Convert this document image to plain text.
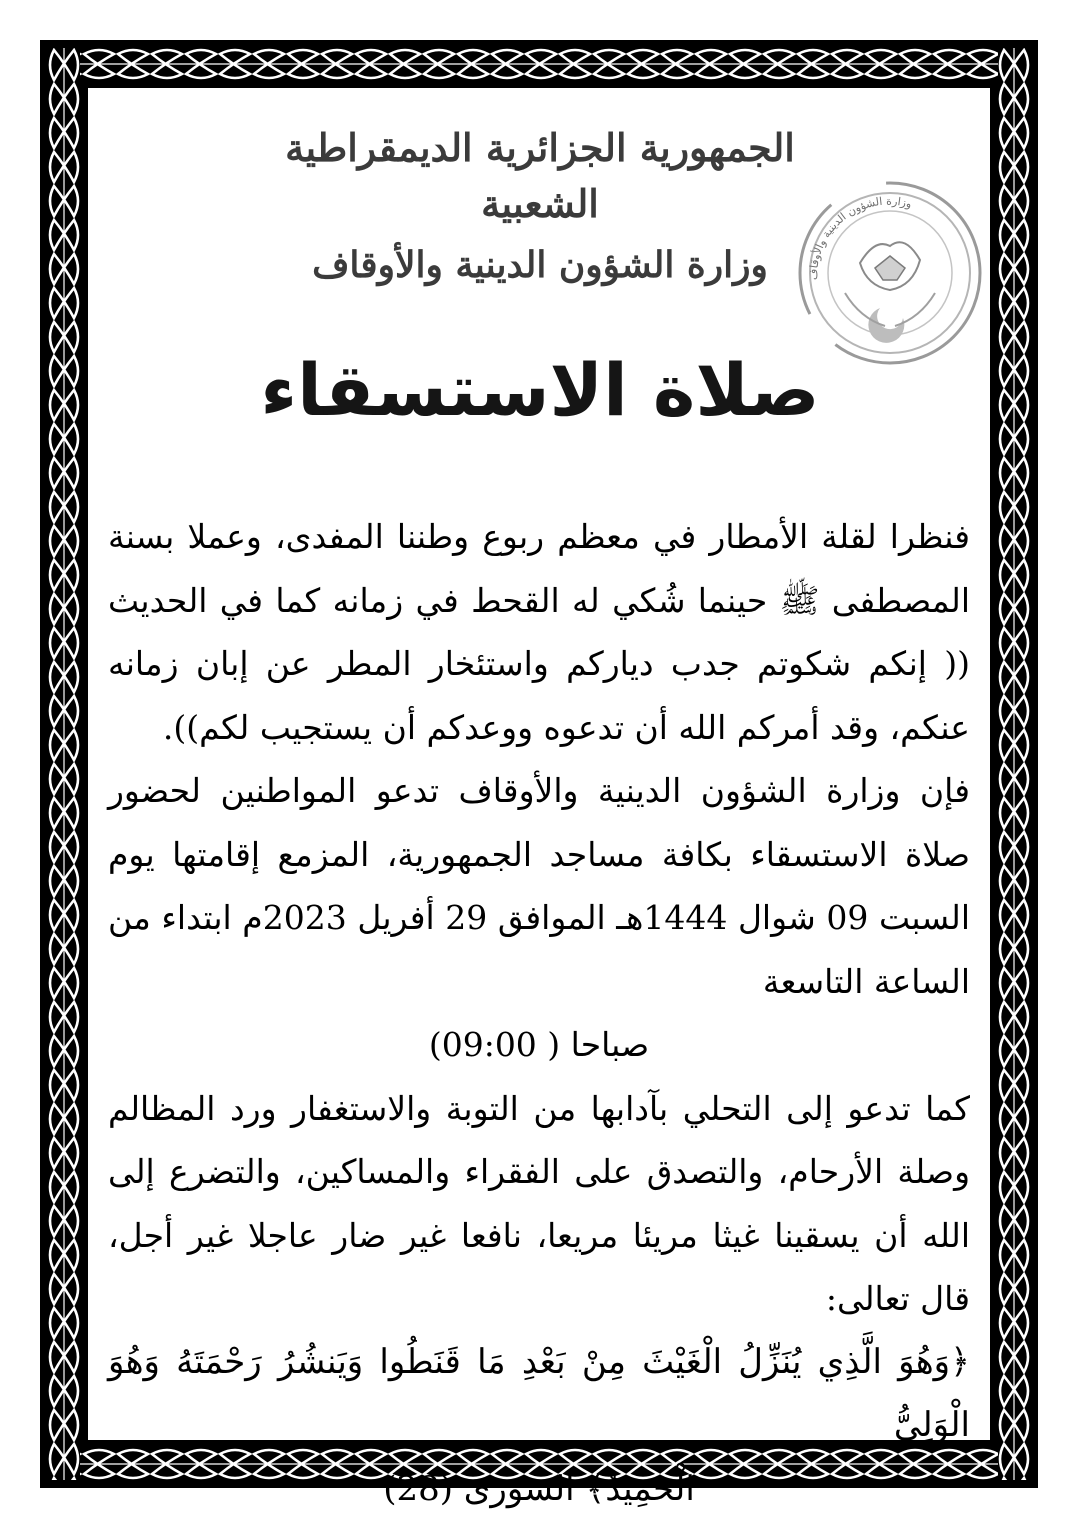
الجمهورية الجزائرية الديمقراطية الشعبية
وزارة الشؤون الدينية والأوقاف	وزارة الشؤون الدينية والأوقاف
صلاة الاستسقاء

فنظرا لقلة الأمطار في معظم ربوع وطننا المفدى، وعملا بسنة المصطفى ﷺ حينما شُكي له القحط في زمانه كما في الحديث (( إنكم شكوتم جدب دياركم واستئخار المطر عن إبان زمانه عنكم، وقد أمركم الله أن تدعوه ووعدكم أن يستجيب لكم)).

فإن وزارة الشؤون الدينية والأوقاف تدعو المواطنين لحضور صلاة الاستسقاء بكافة مساجد الجمهورية، المزمع إقامتها يوم السبت 09 شوال 1444هـ الموافق 29 أفريل 2023م ابتداء من الساعة التاسعة

صباحا ( 09:00)

كما تدعو إلى التحلي بآدابها من التوبة والاستغفار ورد المظالم وصلة الأرحام، والتصدق على الفقراء والمساكين، والتضرع إلى الله أن يسقينا غيثا مريئا مريعا، نافعا غير ضار عاجلا غير أجل، قال تعالى:

﴿وَهُوَ الَّذِي يُنَزِّلُ الْغَيْثَ مِنْ بَعْدِ مَا قَنَطُوا وَيَنشُرُ رَحْمَتَهُ وَهُوَ الْوَلِيُّ

الْحَمِيدُ﴾ الشورى (28)
